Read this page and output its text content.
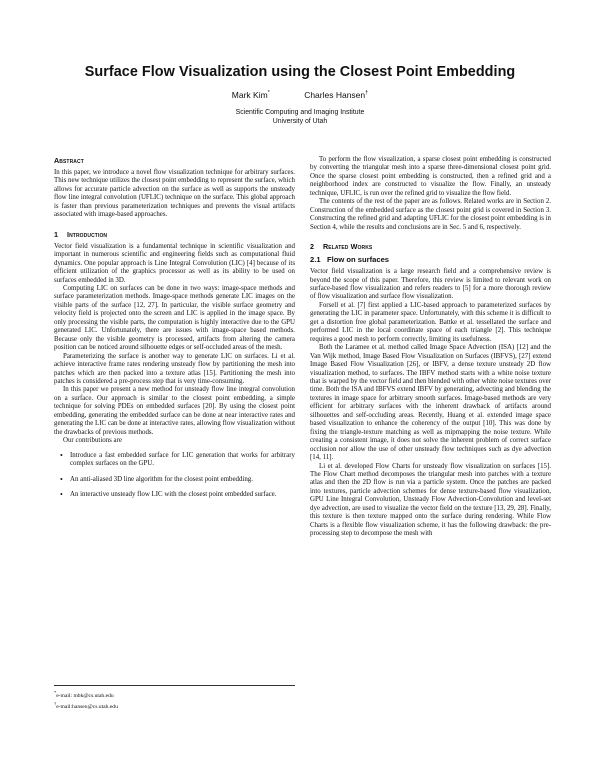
Surface Flow Visualization using the Closest Point Embedding
Mark Kim*	Charles Hansen†
Scientific Computing and Imaging Institute
University of Utah
Abstract

In this paper, we introduce a novel flow visualization technique for arbitrary surfaces. This new technique utilizes the closest point embedding to represent the surface, which allows for accurate particle advection on the surface as well as supports the unsteady flow line integral convolution (UFLIC) technique on the surface. This global approach is faster than previous parameterization techniques and prevents the visual artifacts associated with image-based approaches.

1 Introduction

Vector field visualization is a fundamental technique in scientific visualization and important in numerous scientific and engineering fields such as computational fluid dynamics. One popular approach is Line Integral Convolution (LIC) [4] because of its efficient utilization of the graphics processor as well as its ability to be used on surfaces embedded in 3D.

Computing LIC on surfaces can be done in two ways: image-space methods and surface parameterization methods. Image-space methods generate LIC images on the visible parts of the surface [12, 27]. In particular, the visible surface geometry and velocity field is projected onto the screen and LIC is applied in the image space. By only processing the visible parts, the computation is highly interactive due to the GPU generated LIC. Unfortunately, there are issues with image-space based methods. Because only the visible geometry is processed, artifacts from altering the camera position can be noticed around silhouette edges or self-occluded areas of the mesh.

Parameterizing the surface is another way to generate LIC on surfaces. Li et al. achieve interactive frame rates rendering unsteady flow by partitioning the mesh into patches which are then packed into a texture atlas [15]. Partitioning the mesh into patches is considered a pre-process step that is very time-consuming.

In this paper we present a new method for unsteady flow line integral convolution on a surface. Our approach is similar to the closest point embedding, a simple technique for solving PDEs on embedded surfaces [20]. By using the closest point embedding, generating the embedded surface can be done at near interactive rates and generating the LIC can be done at interactive rates, allowing flow visualization without the drawbacks of previous methods.

Our contributions are

• Introduce a fast embedded surface for LIC generation that works for arbitrary complex surfaces on the GPU.
• An anti-aliased 3D line algorithm for the closest point embedding.
• An interactive unsteady flow LIC with the closest point embedded surface.

*e-mail: mbk@cs.utah.edu

†e-mail:hansen@cs.utah.edu

To perform the flow visualization, a sparse closest point embedding is constructed by converting the triangular mesh into a sparse three-dimensional closest point grid. Once the sparse closest point embedding is constructed, then a refined grid and a neighborhood index are constructed to visualize the flow. Finally, an unsteady technique, UFLIC, is run over the refined grid to visualize the flow field.

The contents of the rest of the paper are as follows. Related works are in Section 2. Construction of the embedded surface as the closest point grid is covered in Section 3. Constructing the refined grid and adapting UFLIC for the closest point embedding is in Section 4, while the results and conclusions are in Sec. 5 and 6, respectively.

2 Related Works
2.1 Flow on surfaces

Vector field visualization is a large research field and a comprehensive review is beyond the scope of this paper. Therefore, this review is limited to relevant work on surface-based flow visualization and refers readers to [5] for a more thorough review of flow visualization and surface flow visualization.

Forsell et al. [7] first applied a LIC-based approach to parameterized surfaces by generating the LIC in parameter space. Unfortunately, with this scheme it is difficult to get a distortion free global parameterization. Battke et al. tessellated the surface and performed LIC in the local coordinate space of each triangle [2]. This technique requires a good mesh to perform correctly, limiting its usefulness.

Both the Laramee et al. method called Image Space Advection (ISA) [12] and the Van Wijk method, Image Based Flow Visualization on Surfaces (IBFVS), [27] extend Image Based Flow Visualization [26], or IBFV, a dense texture unsteady 2D flow visualization method, to surfaces. The IBFV method starts with a white noise texture that is warped by the vector field and then blended with other white noise textures over time. Both the ISA and IBFVS extend IBFV by generating, advecting and blending the textures in image space for arbitrary smooth surfaces. Image-based methods are very efficient for arbitrary surfaces with the inherent drawback of artifacts around silhouettes and self-occluding areas. Recently, Huang et al. extended image space based visualization to enhance the coherency of the output [10]. This was done by fixing the triangle-texture matching as well as mipmapping the noise texture. While creating a consistent image, it does not solve the inherent problem of correct surface occlusion nor allow the use of other unsteady flow techniques such as dye advection [14, 11].

Li et al. developed Flow Charts for unsteady flow visualization on surfaces [15]. The Flow Chart method decomposes the triangular mesh into patches with a texture atlas and then the 2D flow is run via a particle system. Once the patches are packed into textures, particle advection schemes for dense texture-based flow visualization, GPU Line Integral Convolution, Unsteady Flow Advection-Convolution and level-set dye advection, are used to visualize the vector field on the texture [13, 29, 28]. Finally, this texture is then texture mapped onto the surface during rendering. While Flow Charts is a flexible flow visualization scheme, it has the following drawback: the pre-processing step to decompose the mesh with
